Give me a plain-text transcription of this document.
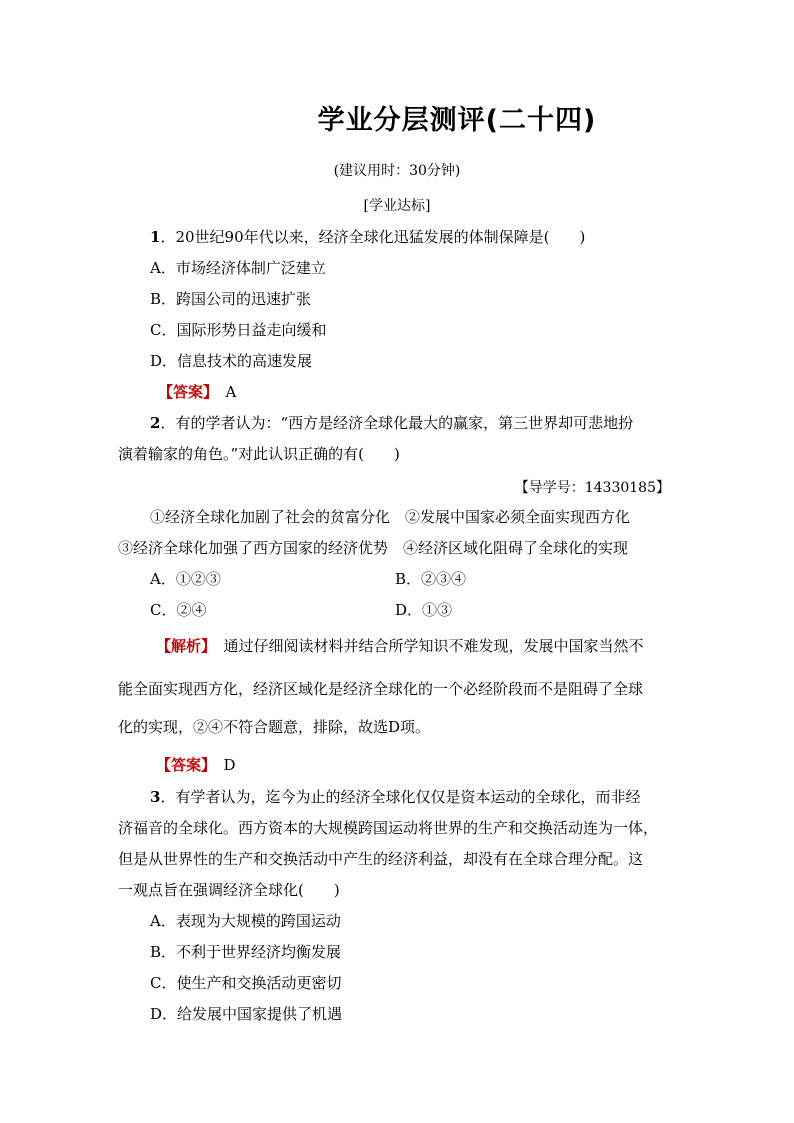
学业分层测评(二十四)
(建议用时：30分钟)
[学业达标]
1．20世纪90年代以来，经济全球化迅猛发展的体制保障是(　　)
A．市场经济体制广泛建立
B．跨国公司的迅速扩张
C．国际形势日益走向缓和
D．信息技术的高速发展
【答案】　 A
2．有的学者认为：“西方是经济全球化最大的赢家，第三世界却可悲地扮
演着输家的角色。”对此认识正确的有(　　)
【导学号：14330185】
①经济全球化加剧了社会的贫富分化　②发展中国家必须全面实现西方化
③经济全球化加强了西方国家的经济优势　④经济区域化阻碍了全球化的实现
A．①②③	B．②③④
C．②④	D．①③
【解析】　 通过仔细阅读材料并结合所学知识不难发现，发展中国家当然不
能全面实现西方化，经济区域化是经济全球化的一个必经阶段而不是阻碍了全球
化的实现，②④不符合题意，排除，故选D项。
【答案】　 D
3．有学者认为，迄今为止的经济全球化仅仅是资本运动的全球化，而非经
济福音的全球化。西方资本的大规模跨国运动将世界的生产和交换活动连为一体，
但是从世界性的生产和交换活动中产生的经济利益，却没有在全球合理分配。这
一观点旨在强调经济全球化(　　)
A．表现为大规模的跨国运动
B．不利于世界经济均衡发展
C．使生产和交换活动更密切
D．给发展中国家提供了机遇
